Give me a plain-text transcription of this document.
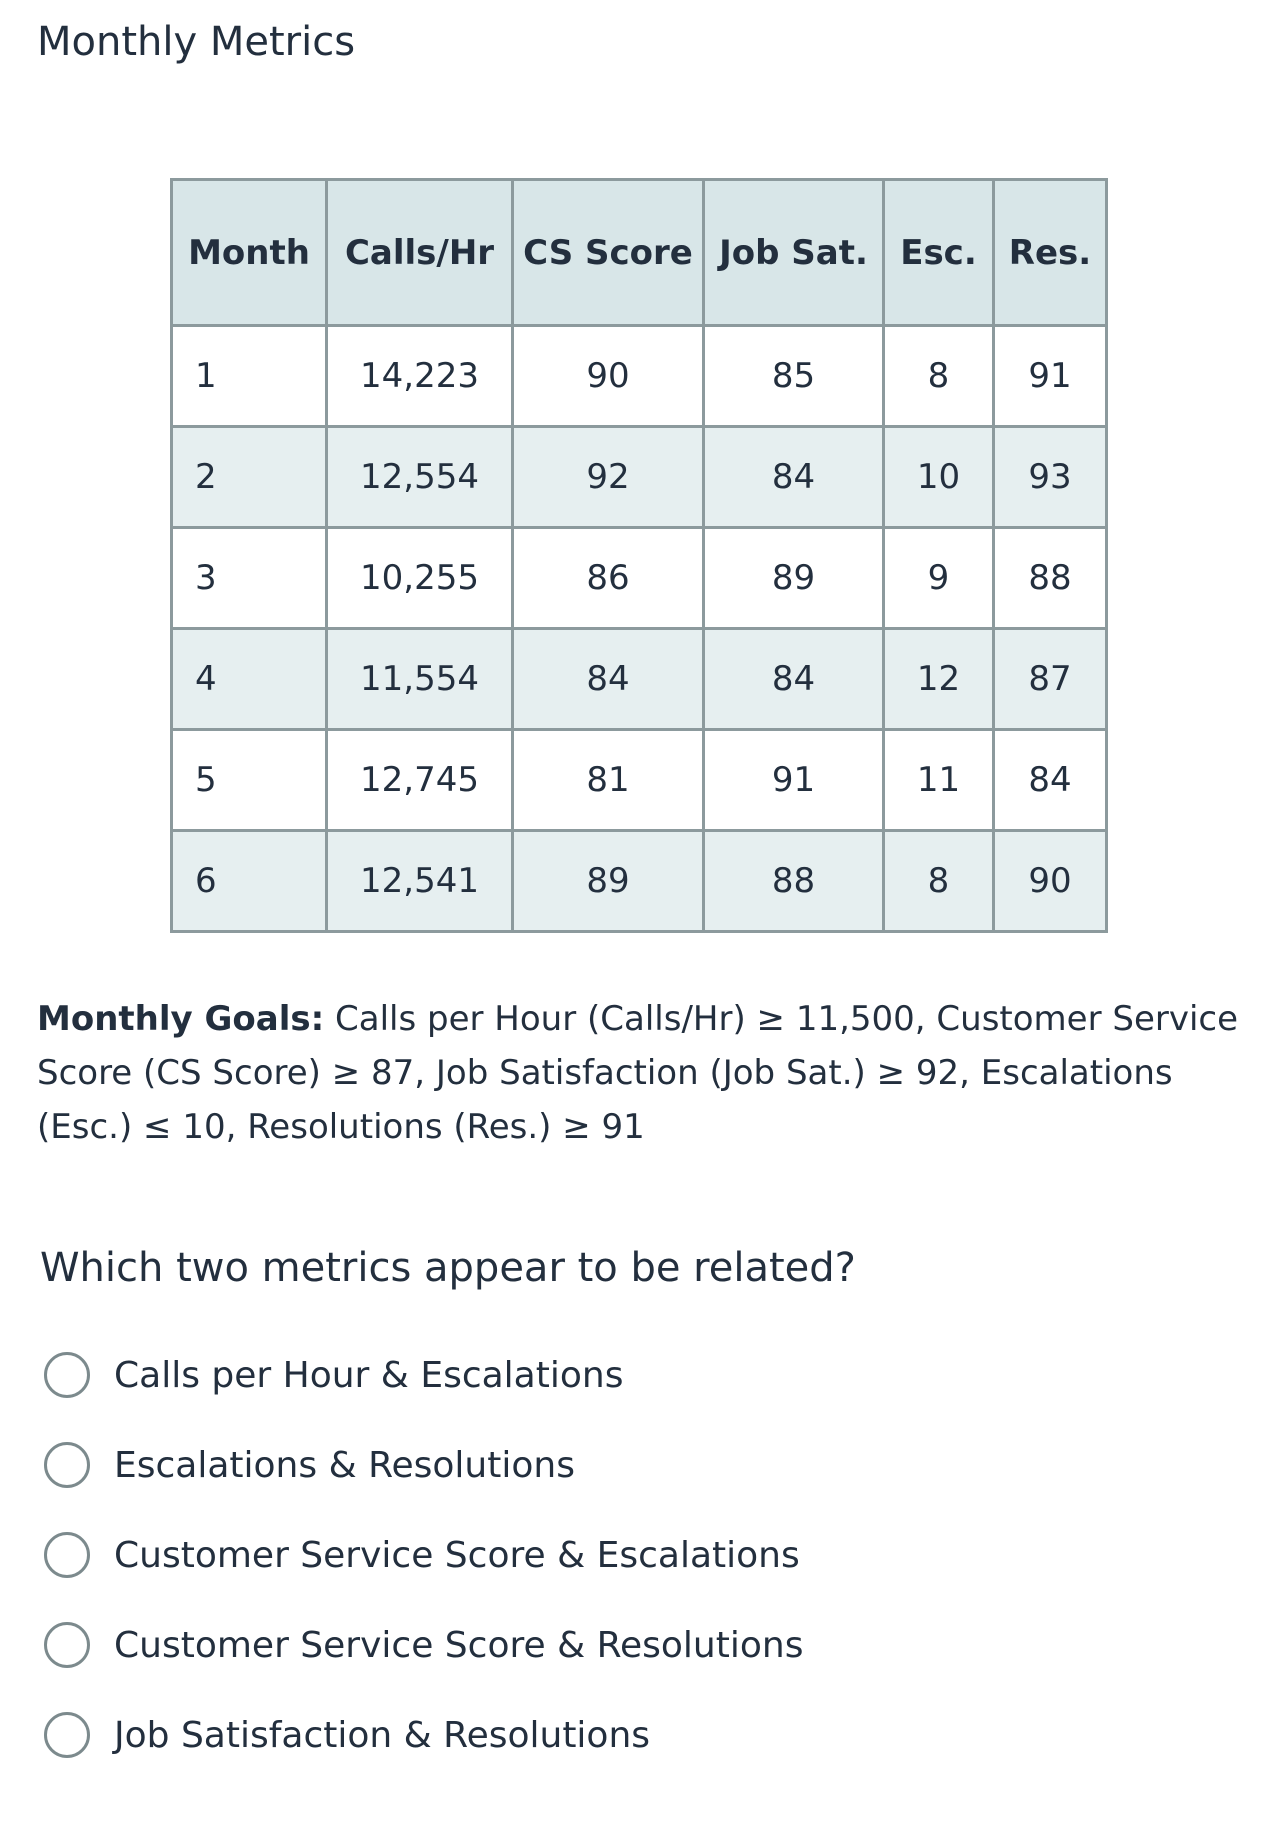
Monthly Metrics
Month	Calls/Hr	CS Score	Job Sat.	Esc.	Res.
1	14,223	90	85	8	91
2	12,554	92	84	10	93
3	10,255	86	89	9	88
4	11,554	84	84	12	87
5	12,745	81	91	11	84
6	12,541	89	88	8	90

Monthly Goals: Calls per Hour (Calls/Hr) ≥ 11,500, Customer Service Score (CS Score) ≥ 87, Job Satisfaction (Job Sat.) ≥ 92, Escalations (Esc.) ≤ 10, Resolutions (Res.) ≥ 91

Which two metrics appear to be related?

Calls per Hour & Escalations
Escalations & Resolutions
Customer Service Score & Escalations
Customer Service Score & Resolutions
Job Satisfaction & Resolutions
